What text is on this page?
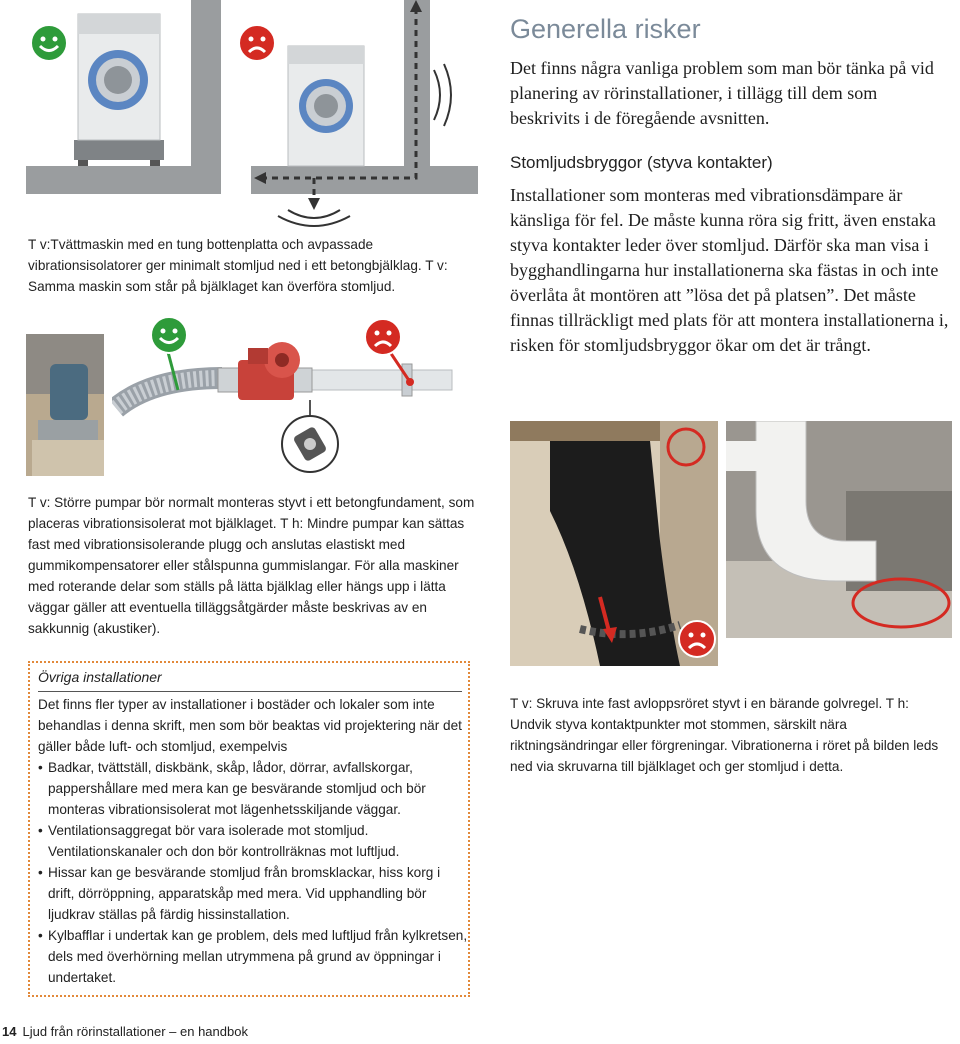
Generella risker
Det finns några vanliga problem som man bör tänka på vid planering av rörinstallationer, i tillägg till dem som beskrivits i de föregående avsnitten.
Stomljudsbryggor (styva kontakter)
Installationer som monteras med vibrationsdämpare är känsliga för fel. De måste kunna röra sig fritt, även enstaka styva kontakter leder över stomljud. Därför ska man visa i bygghandlingarna hur installationerna ska fästas in och inte överlåta åt montören att ”lösa det på platsen”. Det måste finnas tillräckligt med plats för att montera installationerna i, risken för stomljudsbryggor ökar om det är trångt.
T v:Tvättmaskin med en tung bottenplatta och avpassade vibrationsisolatorer ger minimalt stomljud ned i ett betongbjälklag. T v: Samma maskin som står på bjälklaget kan överföra stomljud.
T v: Större pumpar bör normalt monteras styvt i ett betongfundament, som placeras vibrationsisolerat mot bjälklaget. T h: Mindre pumpar kan sättas fast med vibrationsisolerande plugg och anslutas elastiskt med gummikompensatorer eller stålspunna gummislangar. För alla maskiner med roterande delar som ställs på lätta bjälklag eller hängs upp i lätta väggar gäller att eventuella tilläggsåtgärder måste beskrivas av en sakkunnig (akustiker).
T v: Skruva inte fast avloppsröret styvt i en bärande golvregel. T h: Undvik styva kontaktpunkter mot stommen, särskilt nära riktningsändringar eller förgreningar. Vibrationerna i röret på bilden leds ned via skruvarna till bjälklaget och ger stomljud i detta.
Övriga installationer
Det finns fler typer av installationer i bostäder och lokaler som inte behandlas i denna skrift, men som bör beaktas vid projektering när det gäller både luft- och stomljud, exempelvis
• Badkar, tvättställ, diskbänk, skåp, lådor, dörrar, avfallskorgar, pappershållare med mera kan ge besvärande stomljud och bör monteras vibrationsisolerat mot lägenhetsskiljande väggar.
• Ventilationsaggregat bör vara isolerade mot stomljud. Ventilationskanaler och don bör kontrollräknas mot luftljud.
• Hissar kan ge besvärande stomljud från bromsklackar, hiss korg i drift, dörröppning, apparatskåp med mera. Vid upphandling bör ljudkrav ställas på färdig hissinstallation.
• Kylbafflar i undertak kan ge problem, dels med luftljud från kylkretsen, dels med överhörning mellan utrymmena på grund av öppningar i undertaket.
14 Ljud från rörinstallationer – en handbok
